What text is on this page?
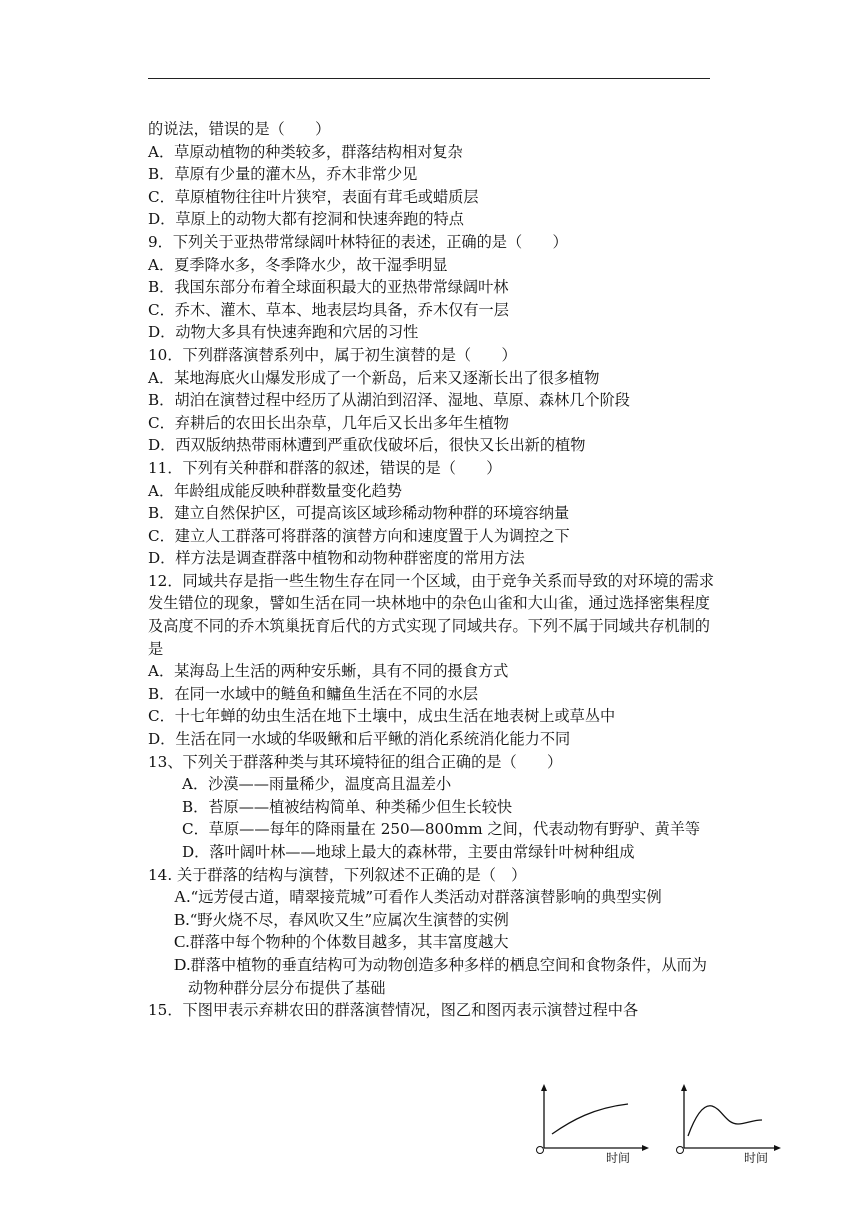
的说法，错误的是（　　）
A．草原动植物的种类较多，群落结构相对复杂
B．草原有少量的灌木丛，乔木非常少见
C．草原植物往往叶片狭窄，表面有茸毛或蜡质层
D．草原上的动物大都有挖洞和快速奔跑的特点
9．下列关于亚热带常绿阔叶林特征的表述，正确的是（　　）
A．夏季降水多，冬季降水少，故干湿季明显
B．我国东部分布着全球面积最大的亚热带常绿阔叶林
C．乔木、灌木、草本、地表层均具备，乔木仅有一层
D．动物大多具有快速奔跑和穴居的习性
10．下列群落演替系列中，属于初生演替的是（　　）
A．某地海底火山爆发形成了一个新岛，后来又逐渐长出了很多植物
B．胡泊在演替过程中经历了从湖泊到沼泽、湿地、草原、森林几个阶段
C．弃耕后的农田长出杂草，几年后又长出多年生植物
D．西双版纳热带雨林遭到严重砍伐破坏后，很快又长出新的植物
11．下列有关种群和群落的叙述，错误的是（　　）
A．年龄组成能反映种群数量变化趋势
B．建立自然保护区，可提高该区域珍稀动物种群的环境容纳量
C．建立人工群落可将群落的演替方向和速度置于人为调控之下
D．样方法是调查群落中植物和动物种群密度的常用方法
12．同域共存是指一些生物生存在同一个区域，由于竞争关系而导致的对环境的需求发生错位的现象，譬如生活在同一块林地中的杂色山雀和大山雀，通过选择密集程度及高度不同的乔木筑巢抚育后代的方式实现了同域共存。下列不属于同域共存机制的是
A．某海岛上生活的两种安乐蜥，具有不同的摄食方式
B．在同一水域中的鲢鱼和鳙鱼生活在不同的水层
C．十七年蝉的幼虫生活在地下土壤中，成虫生活在地表树上或草丛中
D．生活在同一水域的华吸鳅和后平鳅的消化系统消化能力不同
13、下列关于群落种类与其环境特征的组合正确的是（　　）
A．沙漠——雨量稀少，温度高且温差小
B．苔原——植被结构简单、种类稀少但生长较快
C．草原——每年的降雨量在 250—800mm 之间，代表动物有野驴、黄羊等
D．落叶阔叶林——地球上最大的森林带，主要由常绿针叶树种组成
14. 关于群落的结构与演替，下列叙述不正确的是（　）
A.“远芳侵古道，晴翠接荒城”可看作人类活动对群落演替影响的典型实例
B.“野火烧不尽，春风吹又生”应属次生演替的实例
C.群落中每个物种的个体数目越多，其丰富度越大
D.群落中植物的垂直结构可为动物创造多种多样的栖息空间和食物条件，从而为动物种群分层分布提供了基础
15．下图甲表示弃耕农田的群落演替情况，图乙和图丙表示演替过程中各
时间	时间
